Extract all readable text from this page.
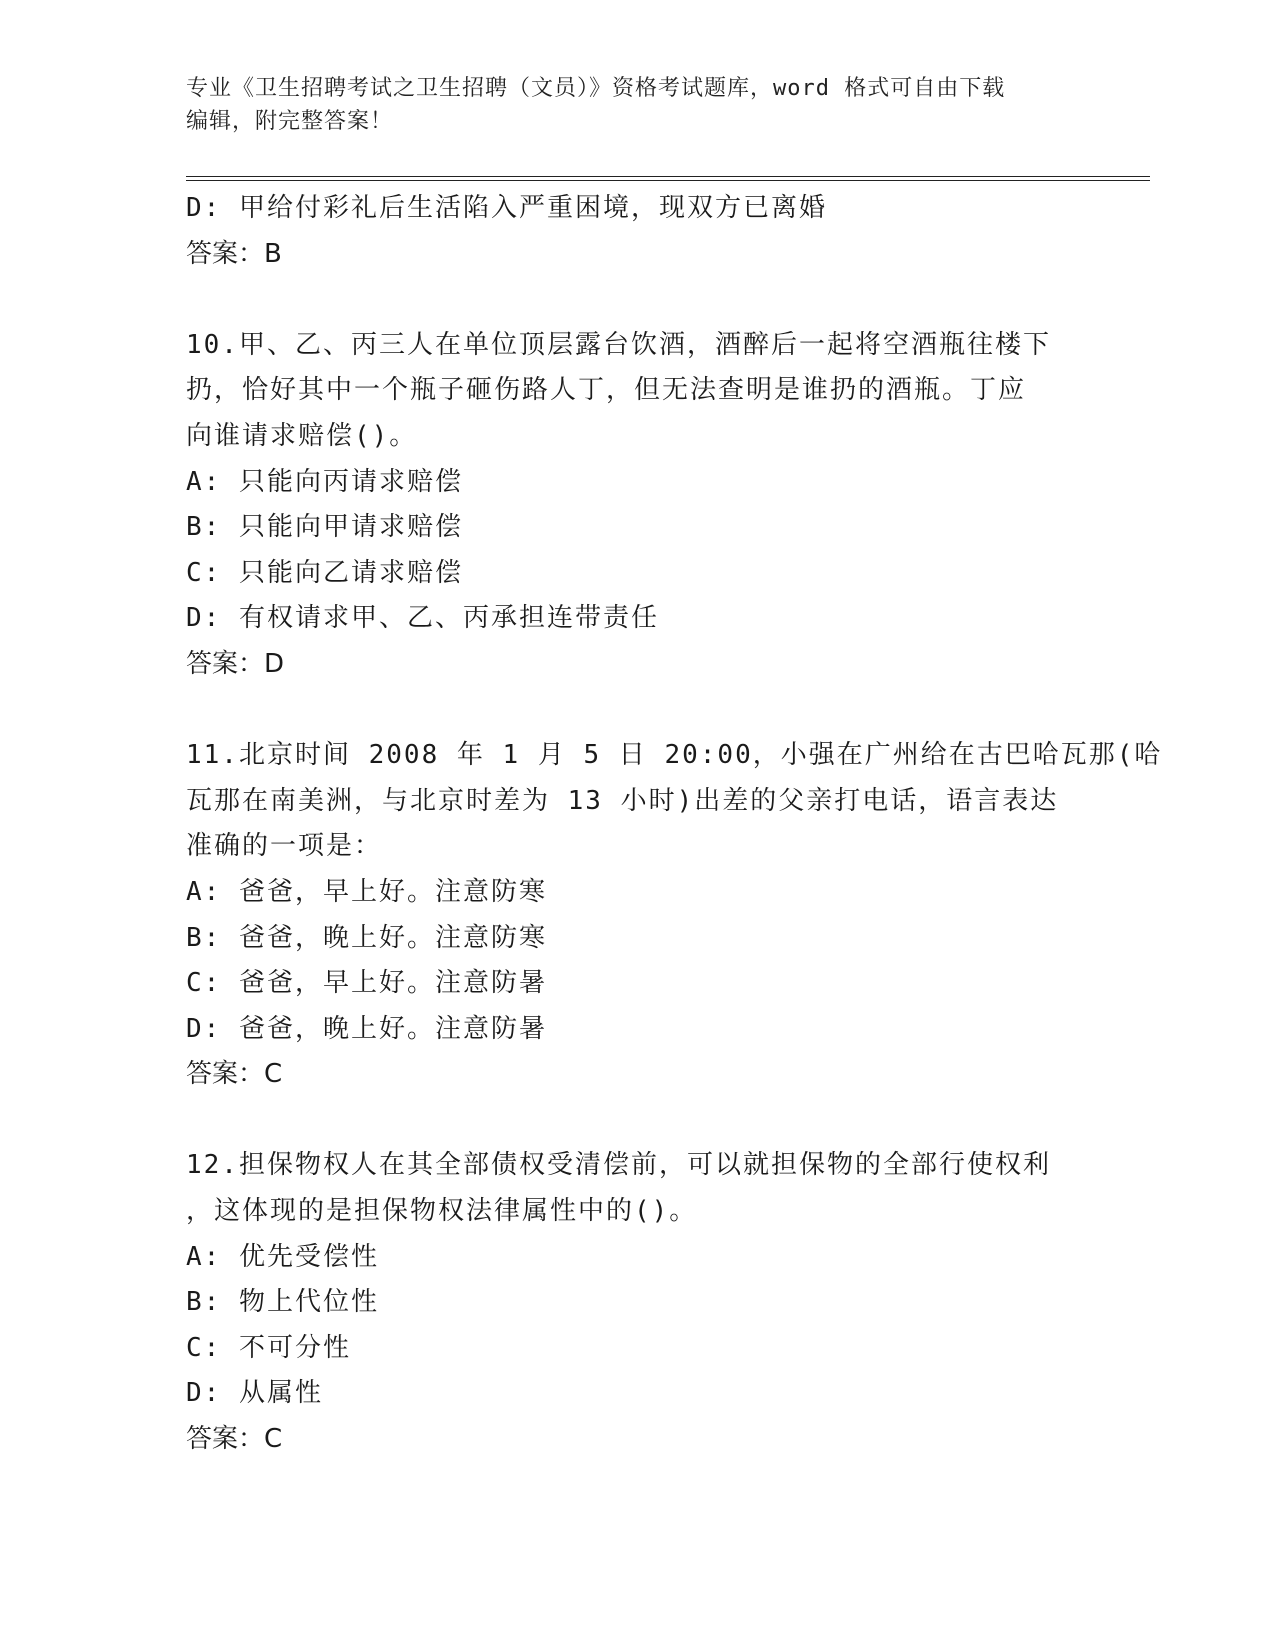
专业《卫生招聘考试之卫生招聘（文员）》资格考试题库，word 格式可自由下载
编辑，附完整答案！
D: 甲给付彩礼后生活陷入严重困境，现双方已离婚
答案：B
10.甲、乙、丙三人在单位顶层露台饮酒，酒醉后一起将空酒瓶往楼下
扔，恰好其中一个瓶子砸伤路人丁，但无法查明是谁扔的酒瓶。丁应
向谁请求赔偿()。
A: 只能向丙请求赔偿
B: 只能向甲请求赔偿
C: 只能向乙请求赔偿
D: 有权请求甲、乙、丙承担连带责任
答案：D
11.北京时间 2008 年 1 月 5 日 20:00，小强在广州给在古巴哈瓦那(哈
瓦那在南美洲，与北京时差为 13 小时)出差的父亲打电话，语言表达
准确的一项是：
A: 爸爸，早上好。注意防寒
B: 爸爸，晚上好。注意防寒
C: 爸爸，早上好。注意防暑
D: 爸爸，晚上好。注意防暑
答案：C
12.担保物权人在其全部债权受清偿前，可以就担保物的全部行使权利
，这体现的是担保物权法律属性中的()。
A: 优先受偿性
B: 物上代位性
C: 不可分性
D: 从属性
答案：C
